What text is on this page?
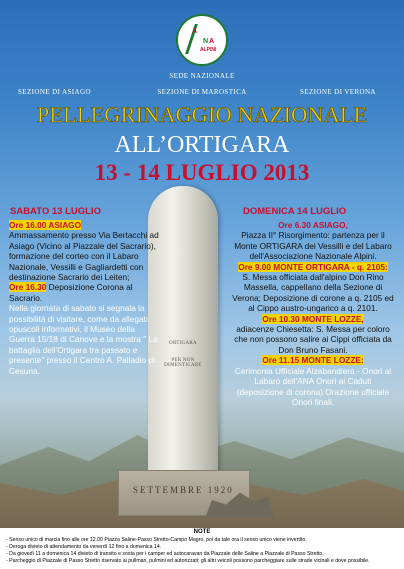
ORTIGARA
PER NON DIMENTICARE
SETTEMBRE 1920
A
N A
ALPINI
SEDE NAZIONALE
SEZIONE DI ASIAGO	SEZIONE DI MAROSTICA	SEZIONE DI VERONA
PELLEGRINAGGIO NAZIONALE
ALL’ORTIGARA
13 - 14 LUGLIO 2013
SABATO 13 LUGLIO

Ore 16.00 ASIAGO

Ammassamento presso Via Bertacchi ad Asiago (Vicino al Piazzale del Sacrario), formazione del corteo con il Labaro Nazionale, Vessilli e Gagliardetti con destinazione Sacrario dei Leiten;

Ore 16.30 Deposizione Corona al Sacrario.

Nella giornata di sabato si segnala la possibilità di visitare, come da allegati opuscoli informativi, il Museo della Guerra 15/18 di Canove e la mostra " La battaglia dell'Ortigara tra passato e presente" presso il Centro A. Palladio di Cesuna.

DOMENICA 14 LUGLIO

Ore 6.30 ASIAGO,

Piazza II° Risorgimento: partenza per il Monte ORTIGARA dei Vessilli e del Labaro dell'Associazione Nazionale Alpini.

Ore 9.00 MONTE ORTIGARA - q. 2105:

S. Messa officiata dall'alpino Don Rino Massella, cappellano della Sezione di Verona; Deposizione di corone a q. 2105 ed al Cippo austro-ungarico a q. 2101.

Ore 10.30 MONTE LOZZE,

adiacenze Chiesetta: S. Messa per coloro che non possono salire ai Cippi officiata da Don Bruno Fasani.

Ore 11.15 MONTE LOZZE:

Cerimonia Ufficiale Alzabandiera - Onori al Labaro dell'ANA Onori ai Caduti (deposizione di corona) Orazione ufficiale Onori finali.

NOTE
- Senso unico di marcia fino alle ore 12.00 Piazza Saline-Passo Stretto-Campo Magro, poi da tale ora il senso unico viene invertito.
- Deroga divieto di attendamento da venerdì 12 fino a domenica 14.
- Da giovedì 11 a domenica 14 divieto di transito e sosta per i camper ed autocaravan da Piazzale delle Saline a Piazzale di Passo Stretto.
- Parcheggio di Piazzale di Passo Stretto riservato ai pullman, pulmini ed autorizzati; gli altri veicoli possono parcheggiare sulle strade vicinali e dove possibile.
